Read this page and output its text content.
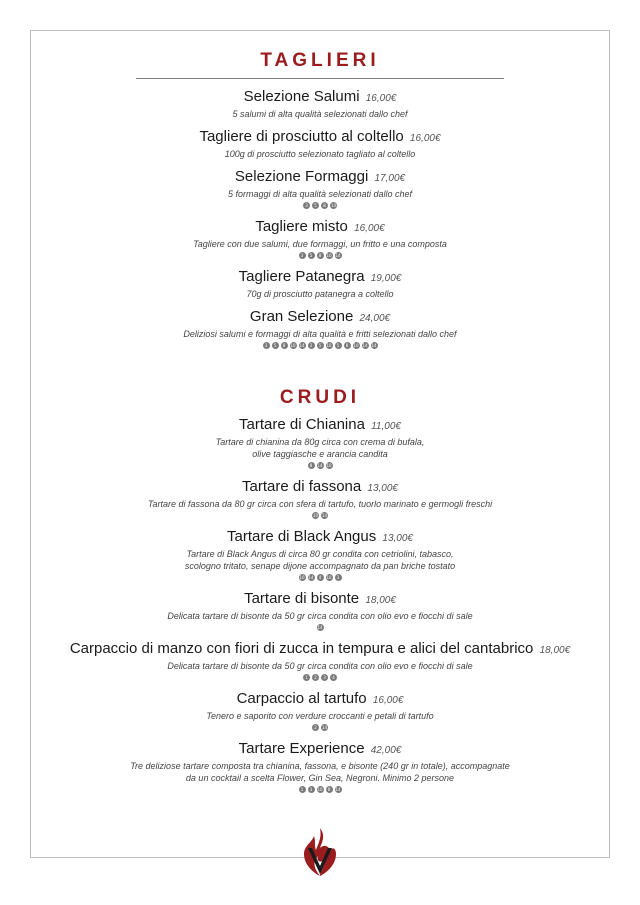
TAGLIERI
Selezione Salumi 16,00€
5 salumi di alta qualità selezionati dallo chef
Tagliere di prosciutto al coltello 16,00€
100g di prosciutto selezionato tagliato al coltello
Selezione Formaggi 17,00€
5 formaggi di alta qualità selezionati dallo chef
3	5	8	14
Tagliere misto 16,00€
Tagliere con due salumi, due formaggi, un fritto e una composta
3	5	8	10 14
Tagliere Patanegra 19,00€
70g di prosciutto patanegra a coltello
Gran Selezione 24,00€
Deliziosi salumi e formaggi di alta qualità e fritti selezionati dallo chef
3	5	8	10 14	3	5	10	5	8	10 14 14
CRUDI
Tartare di Chianina 11,00€
Tartare di chianina da 80g circa con crema di bufala,
olive taggiasche e arancia candita
8	14 10
Tartare di fassona 13,00€
Tartare di fassona da 80 gr circa con sfera di tartufo, tuorlo marinato e germogli freschi
10 14
Tartare di Black Angus 13,00€
Tartare di Black Angus di circa 80 gr condita con cetriolini, tabasco,
scologno tritato, senape dijone accompagnato da pan briche tostato
10 14	4	10	3
Tartare di bisonte 18,00€
Delicata tartare di bisonte da 50 gr circa condita con olio evo e fiocchi di sale
14
Carpaccio di manzo con fiori di zucca in tempura e alici del cantabrico 18,00€
Delicata tartare di bisonte da 50 gr circa condita con olio evo e fiocchi di sale
1	2	3	4
Carpaccio al tartufo 16,00€
Tenero e saporito con verdure croccanti e petali di tartufo
2	14
Tartare Experience 42,00€
Tre deliziose tartare composta tra chianina, fassona, e bisonte (240 gr in totale), accompagnate
da un cocktail a scelta Flower, Gin Sea, Negroni. Minimo 2 persone
1	3	10	8	14
